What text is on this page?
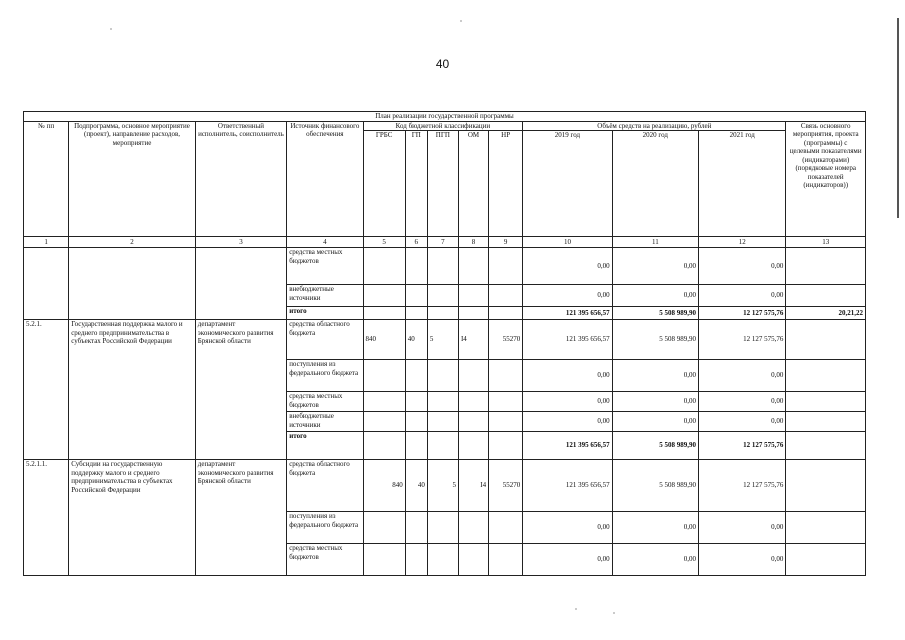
40
План реализации государственной программы												
№ пп	Подпрограмма, основное мероприятие (проект), направление расходов, мероприятие	Ответственный исполнитель, соисполнитель	Источник финансового обеспечения	Код бюджетной классификации					Объём средств на реализацию, рублей			Связь основного мероприятия, проекта (программы) с целевыми показателями (индикаторами) (порядковые номера показателей (индикаторов))
				ГРБС	ГП	ПГП	ОМ	НР	2019 год	2020 год	2021 год	
1	2	3	4	5	6	7	8	9	10	11	12	13
			средства местных бюджетов						0,00	0,00	0,00	
			внебюджетные источники						0,00	0,00	0,00	
			итого						121 395 656,57	5 508 989,90	12 127 575,76	20,21,22
5.2.1.	Государственная поддержка малого и среднего предпринимательства в субъектах Российской Федерации	департамент экономического развития Брянской области	средства областного бюджета	840	40	5	I4	55270	121 395 656,57	5 508 989,90	12 127 575,76	
			поступления из федерального бюджета						0,00	0,00	0,00	
			средства местных бюджетов						0,00	0,00	0,00	
			внебюджетные источники						0,00	0,00	0,00	
			итого						121 395 656,57	5 508 989,90	12 127 575,76	
5.2.1.1.	Субсидии на государственную поддержку малого и среднего предпринимательства в субъектах Российской Федерации	департамент экономического развития Брянской области	средства областного бюджета	840	40	5	I4	55270	121 395 656,57	5 508 989,90	12 127 575,76	
			поступления из федерального бюджета						0,00	0,00	0,00	
			средства местных бюджетов						0,00	0,00	0,00	
